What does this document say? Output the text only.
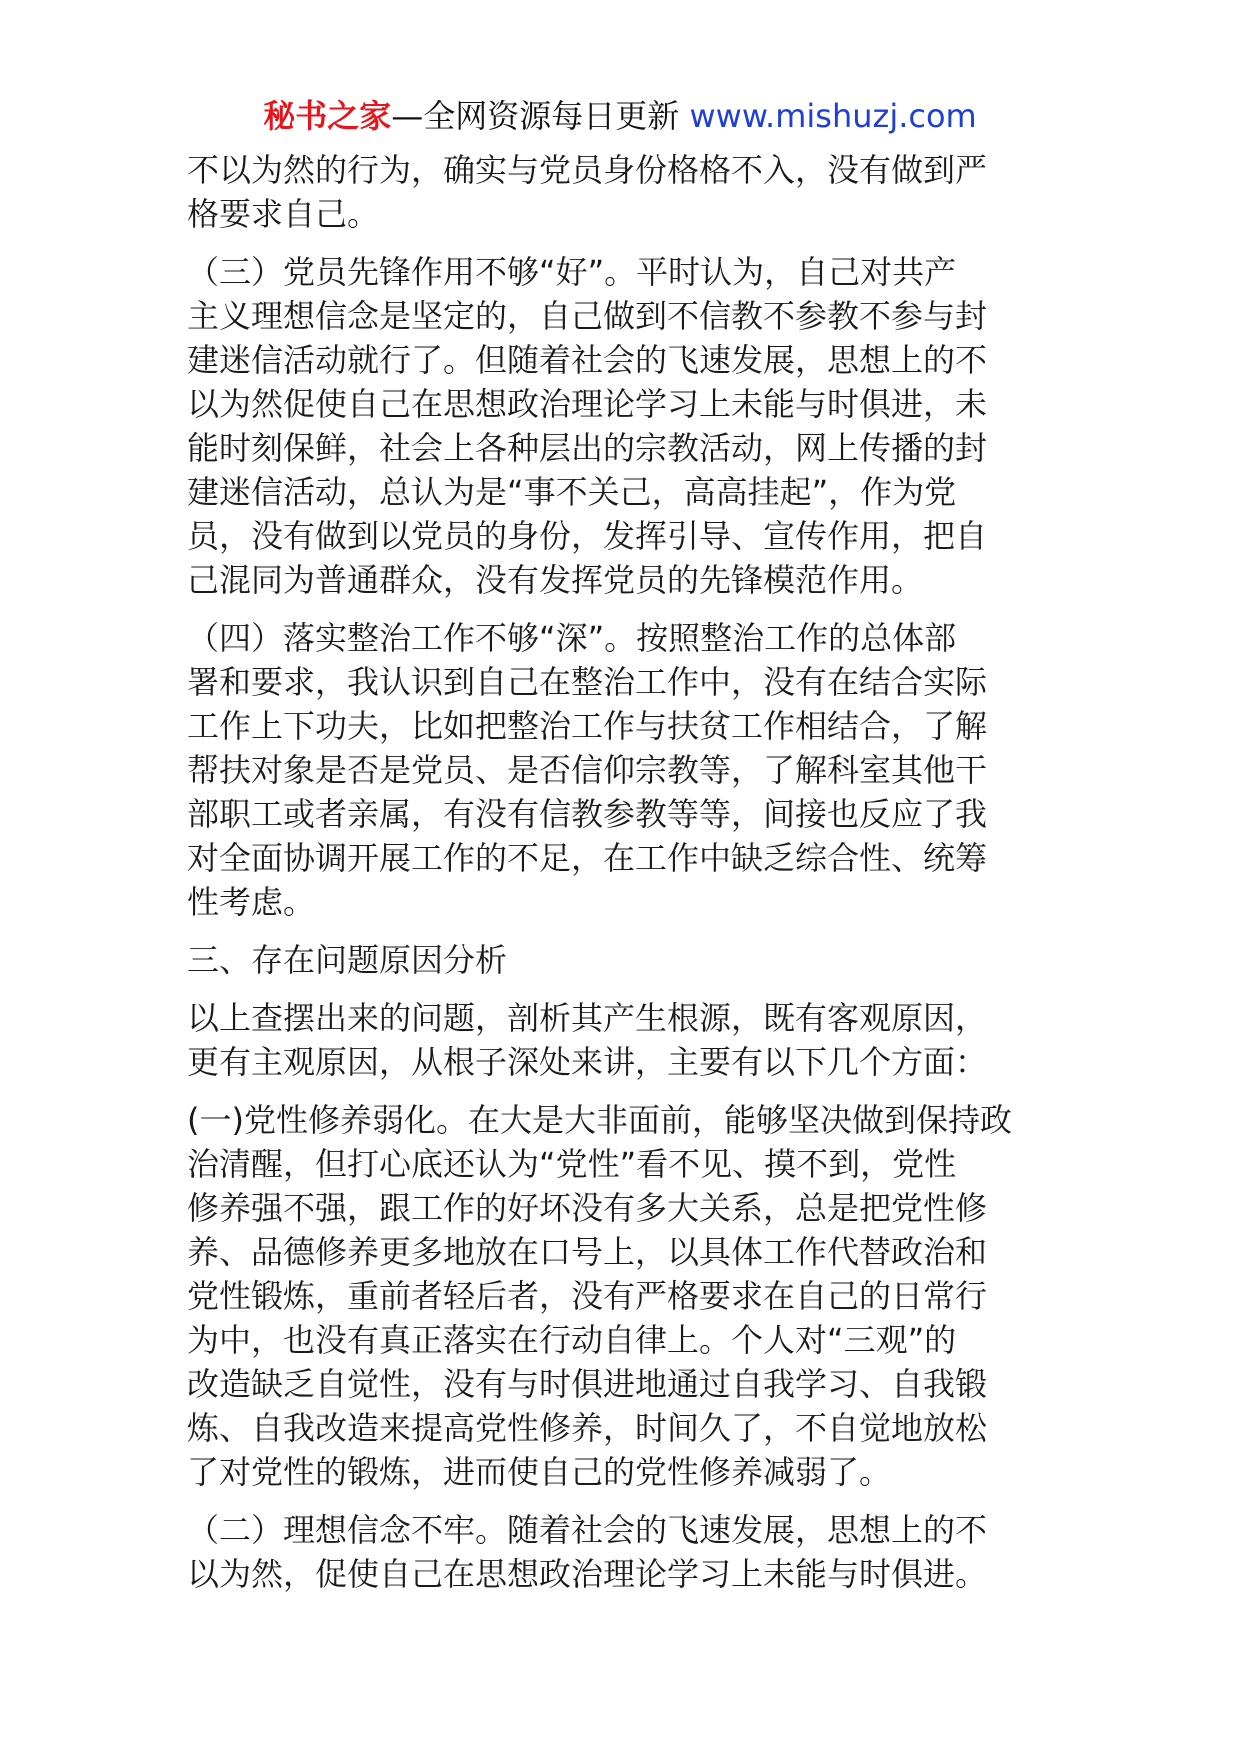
秘书之家—全网资源每日更新 www.mishuzj.com
不以为然的行为，确实与党员身份格格不入，没有做到严
格要求自己。
（三）党员先锋作用不够“好”。平时认为，自己对共产
主义理想信念是坚定的，自己做到不信教不参教不参与封
建迷信活动就行了。但随着社会的飞速发展，思想上的不
以为然促使自己在思想政治理论学习上未能与时俱进，未
能时刻保鲜，社会上各种层出的宗教活动，网上传播的封
建迷信活动，总认为是“事不关己，高高挂起”，作为党
员，没有做到以党员的身份，发挥引导、宣传作用，把自
己混同为普通群众，没有发挥党员的先锋模范作用。
（四）落实整治工作不够“深”。按照整治工作的总体部
署和要求，我认识到自己在整治工作中，没有在结合实际
工作上下功夫，比如把整治工作与扶贫工作相结合，了解
帮扶对象是否是党员、是否信仰宗教等，了解科室其他干
部职工或者亲属，有没有信教参教等等，间接也反应了我
对全面协调开展工作的不足，在工作中缺乏综合性、统筹
性考虑。
三、存在问题原因分析
以上查摆出来的问题，剖析其产生根源，既有客观原因，
更有主观原因，从根子深处来讲，主要有以下几个方面：
(一)党性修养弱化。在大是大非面前，能够坚决做到保持政
治清醒，但打心底还认为“党性”看不见、摸不到，党性
修养强不强，跟工作的好坏没有多大关系，总是把党性修
养、品德修养更多地放在口号上，以具体工作代替政治和
党性锻炼，重前者轻后者，没有严格要求在自己的日常行
为中，也没有真正落实在行动自律上。个人对“三观”的
改造缺乏自觉性，没有与时俱进地通过自我学习、自我锻
炼、自我改造来提高党性修养，时间久了，不自觉地放松
了对党性的锻炼，进而使自己的党性修养减弱了。
（二）理想信念不牢。随着社会的飞速发展，思想上的不
以为然，促使自己在思想政治理论学习上未能与时俱进。
